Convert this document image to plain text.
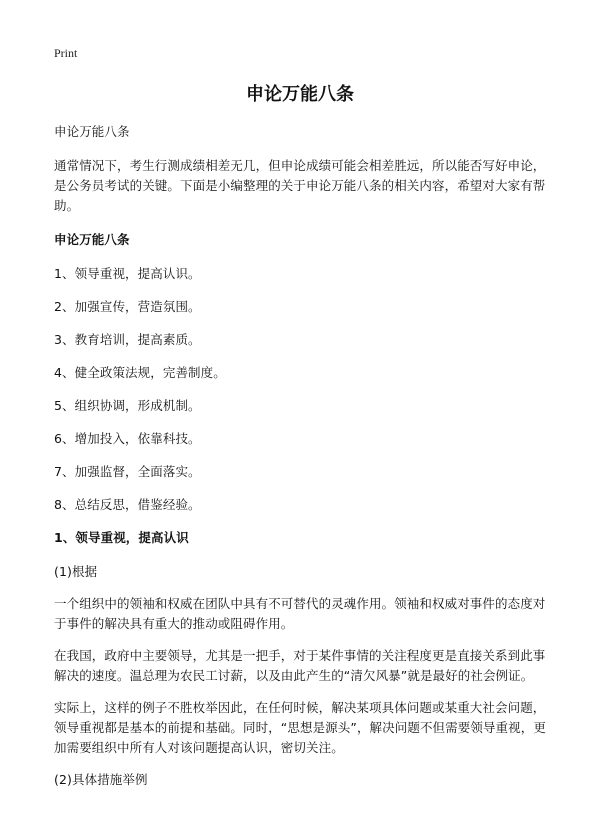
Print
申论万能八条

申论万能八条

通常情况下，考生行测成绩相差无几，但申论成绩可能会相差胜远，所以能否写好申论，是公务员考试的关键。下面是小编整理的关于申论万能八条的相关内容，希望对大家有帮助。

申论万能八条

1、领导重视，提高认识。

2、加强宣传，营造氛围。

3、教育培训，提高素质。

4、健全政策法规，完善制度。

5、组织协调，形成机制。

6、增加投入，依靠科技。

7、加强监督，全面落实。

8、总结反思，借鉴经验。

1、领导重视，提高认识

(1)根据

一个组织中的领袖和权威在团队中具有不可替代的灵魂作用。领袖和权威对事件的态度对于事件的解决具有重大的推动或阻碍作用。

在我国，政府中主要领导，尤其是一把手，对于某件事情的关注程度更是直接关系到此事解决的速度。温总理为农民工讨薪，以及由此产生的“清欠风暴”就是最好的社会例证。

实际上，这样的例子不胜枚举因此，在任何时候，解决某项具体问题或某重大社会问题，领导重视都是基本的前提和基础。同时，“思想是源头”，解决问题不但需要领导重视，更加需要组织中所有人对该问题提高认识，密切关注。

(2)具体措施举例
